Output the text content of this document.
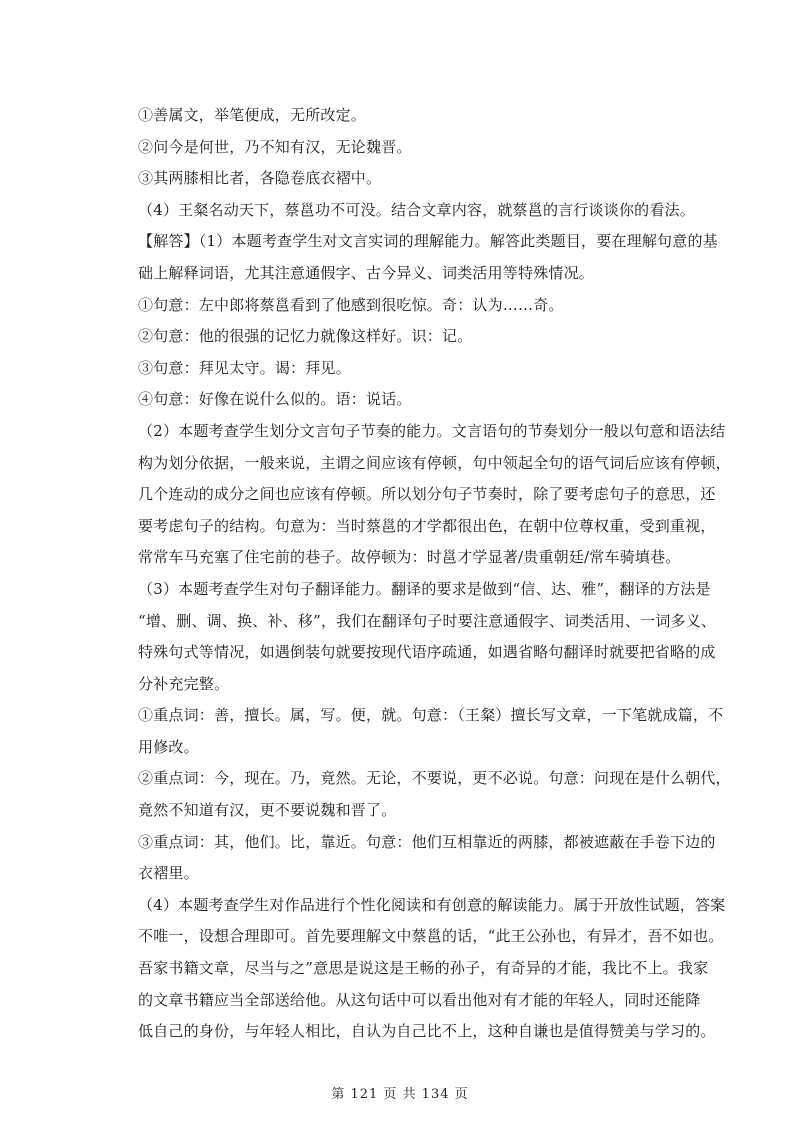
①善属文，举笔便成，无所改定。
②问今是何世，乃不知有汉，无论魏晋。
③其两膝相比者，各隐卷底衣褶中。
（4）王粲名动天下，蔡邕功不可没。结合文章内容，就蔡邕的言行谈谈你的看法。
【解答】（1）本题考查学生对文言实词的理解能力。解答此类题目，要在理解句意的基
础上解释词语，尤其注意通假字、古今异义、词类活用等特殊情况。
①句意：左中郎将蔡邕看到了他感到很吃惊。奇：认为……奇。
②句意：他的很强的记忆力就像这样好。识：记。
③句意：拜见太守。谒：拜见。
④句意：好像在说什么似的。语：说话。
（2）本题考查学生划分文言句子节奏的能力。文言语句的节奏划分一般以句意和语法结
构为划分依据，一般来说，主谓之间应该有停顿，句中领起全句的语气词后应该有停顿，
几个连动的成分之间也应该有停顿。所以划分句子节奏时，除了要考虑句子的意思，还
要考虑句子的结构。句意为：当时蔡邕的才学都很出色，在朝中位尊权重，受到重视，
常常车马充塞了住宅前的巷子。故停顿为：时邕才学显著/贵重朝廷/常车骑填巷。
（3）本题考查学生对句子翻译能力。翻译的要求是做到“信、达、雅”，翻译的方法是
“增、删、调、换、补、移”，我们在翻译句子时要注意通假字、词类活用、一词多义、
特殊句式等情况，如遇倒装句就要按现代语序疏通，如遇省略句翻译时就要把省略的成
分补充完整。
①重点词：善，擅长。属，写。便，就。句意：（王粲）擅长写文章，一下笔就成篇，不
用修改。
②重点词：今，现在。乃，竟然。无论，不要说，更不必说。句意：问现在是什么朝代，
竟然不知道有汉，更不要说魏和晋了。
③重点词：其，他们。比，靠近。句意：他们互相靠近的两膝，都被遮蔽在手卷下边的
衣褶里。
（4）本题考查学生对作品进行个性化阅读和有创意的解读能力。属于开放性试题，答案
不唯一，设想合理即可。首先要理解文中蔡邕的话，“此王公孙也，有异才，吾不如也。
吾家书籍文章，尽当与之”意思是说这是王畅的孙子，有奇异的才能，我比不上。我家
的文章书籍应当全部送给他。从这句话中可以看出他对有才能的年轻人，同时还能降
低自己的身份，与年轻人相比，自认为自己比不上，这种自谦也是值得赞美与学习的。
第 121 页 共 134 页
